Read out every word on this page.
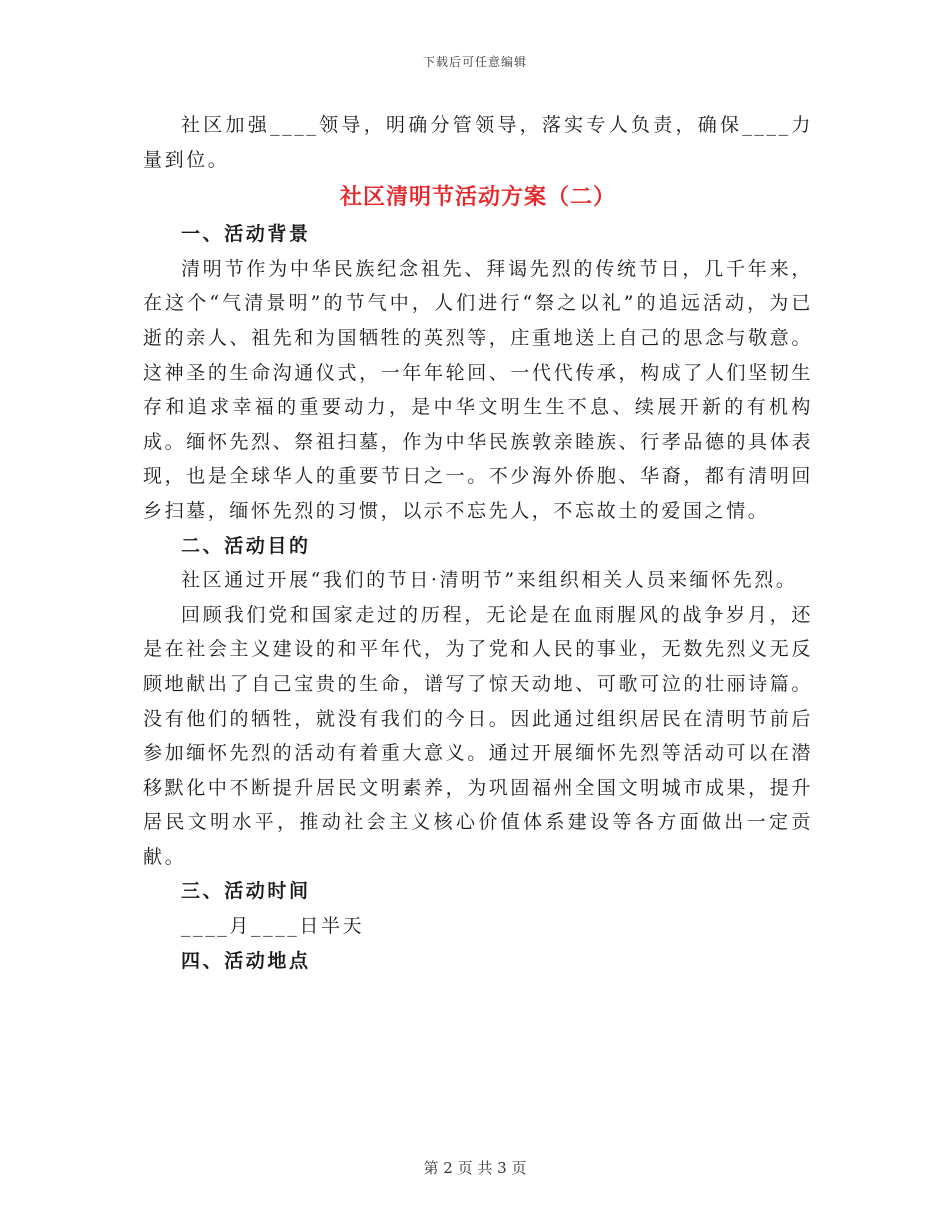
下载后可任意编辑

社区加强____领导，明确分管领导，落实专人负责，确保____力量到位。

社区清明节活动方案（二）
一、活动背景

清明节作为中华民族纪念祖先、拜谒先烈的传统节日，几千年来，在这个“气清景明”的节气中，人们进行“祭之以礼”的追远活动，为已逝的亲人、祖先和为国牺牲的英烈等，庄重地送上自己的思念与敬意。这神圣的生命沟通仪式，一年年轮回、一代代传承，构成了人们坚韧生存和追求幸福的重要动力，是中华文明生生不息、续展开新的有机构成。缅怀先烈、祭祖扫墓，作为中华民族敦亲睦族、行孝品德的具体表现，也是全球华人的重要节日之一。不少海外侨胞、华裔，都有清明回乡扫墓，缅怀先烈的习惯，以示不忘先人，不忘故土的爱国之情。

二、活动目的

社区通过开展“我们的节日·清明节”来组织相关人员来缅怀先烈。

回顾我们党和国家走过的历程，无论是在血雨腥风的战争岁月，还是在社会主义建设的和平年代，为了党和人民的事业，无数先烈义无反顾地献出了自己宝贵的生命，谱写了惊天动地、可歌可泣的壮丽诗篇。没有他们的牺牲，就没有我们的今日。因此通过组织居民在清明节前后参加缅怀先烈的活动有着重大意义。通过开展缅怀先烈等活动可以在潜移默化中不断提升居民文明素养，为巩固福州全国文明城市成果，提升居民文明水平，推动社会主义核心价值体系建设等各方面做出一定贡献。

三、活动时间

____月____日半天

四、活动地点
第 2 页 共 3 页
